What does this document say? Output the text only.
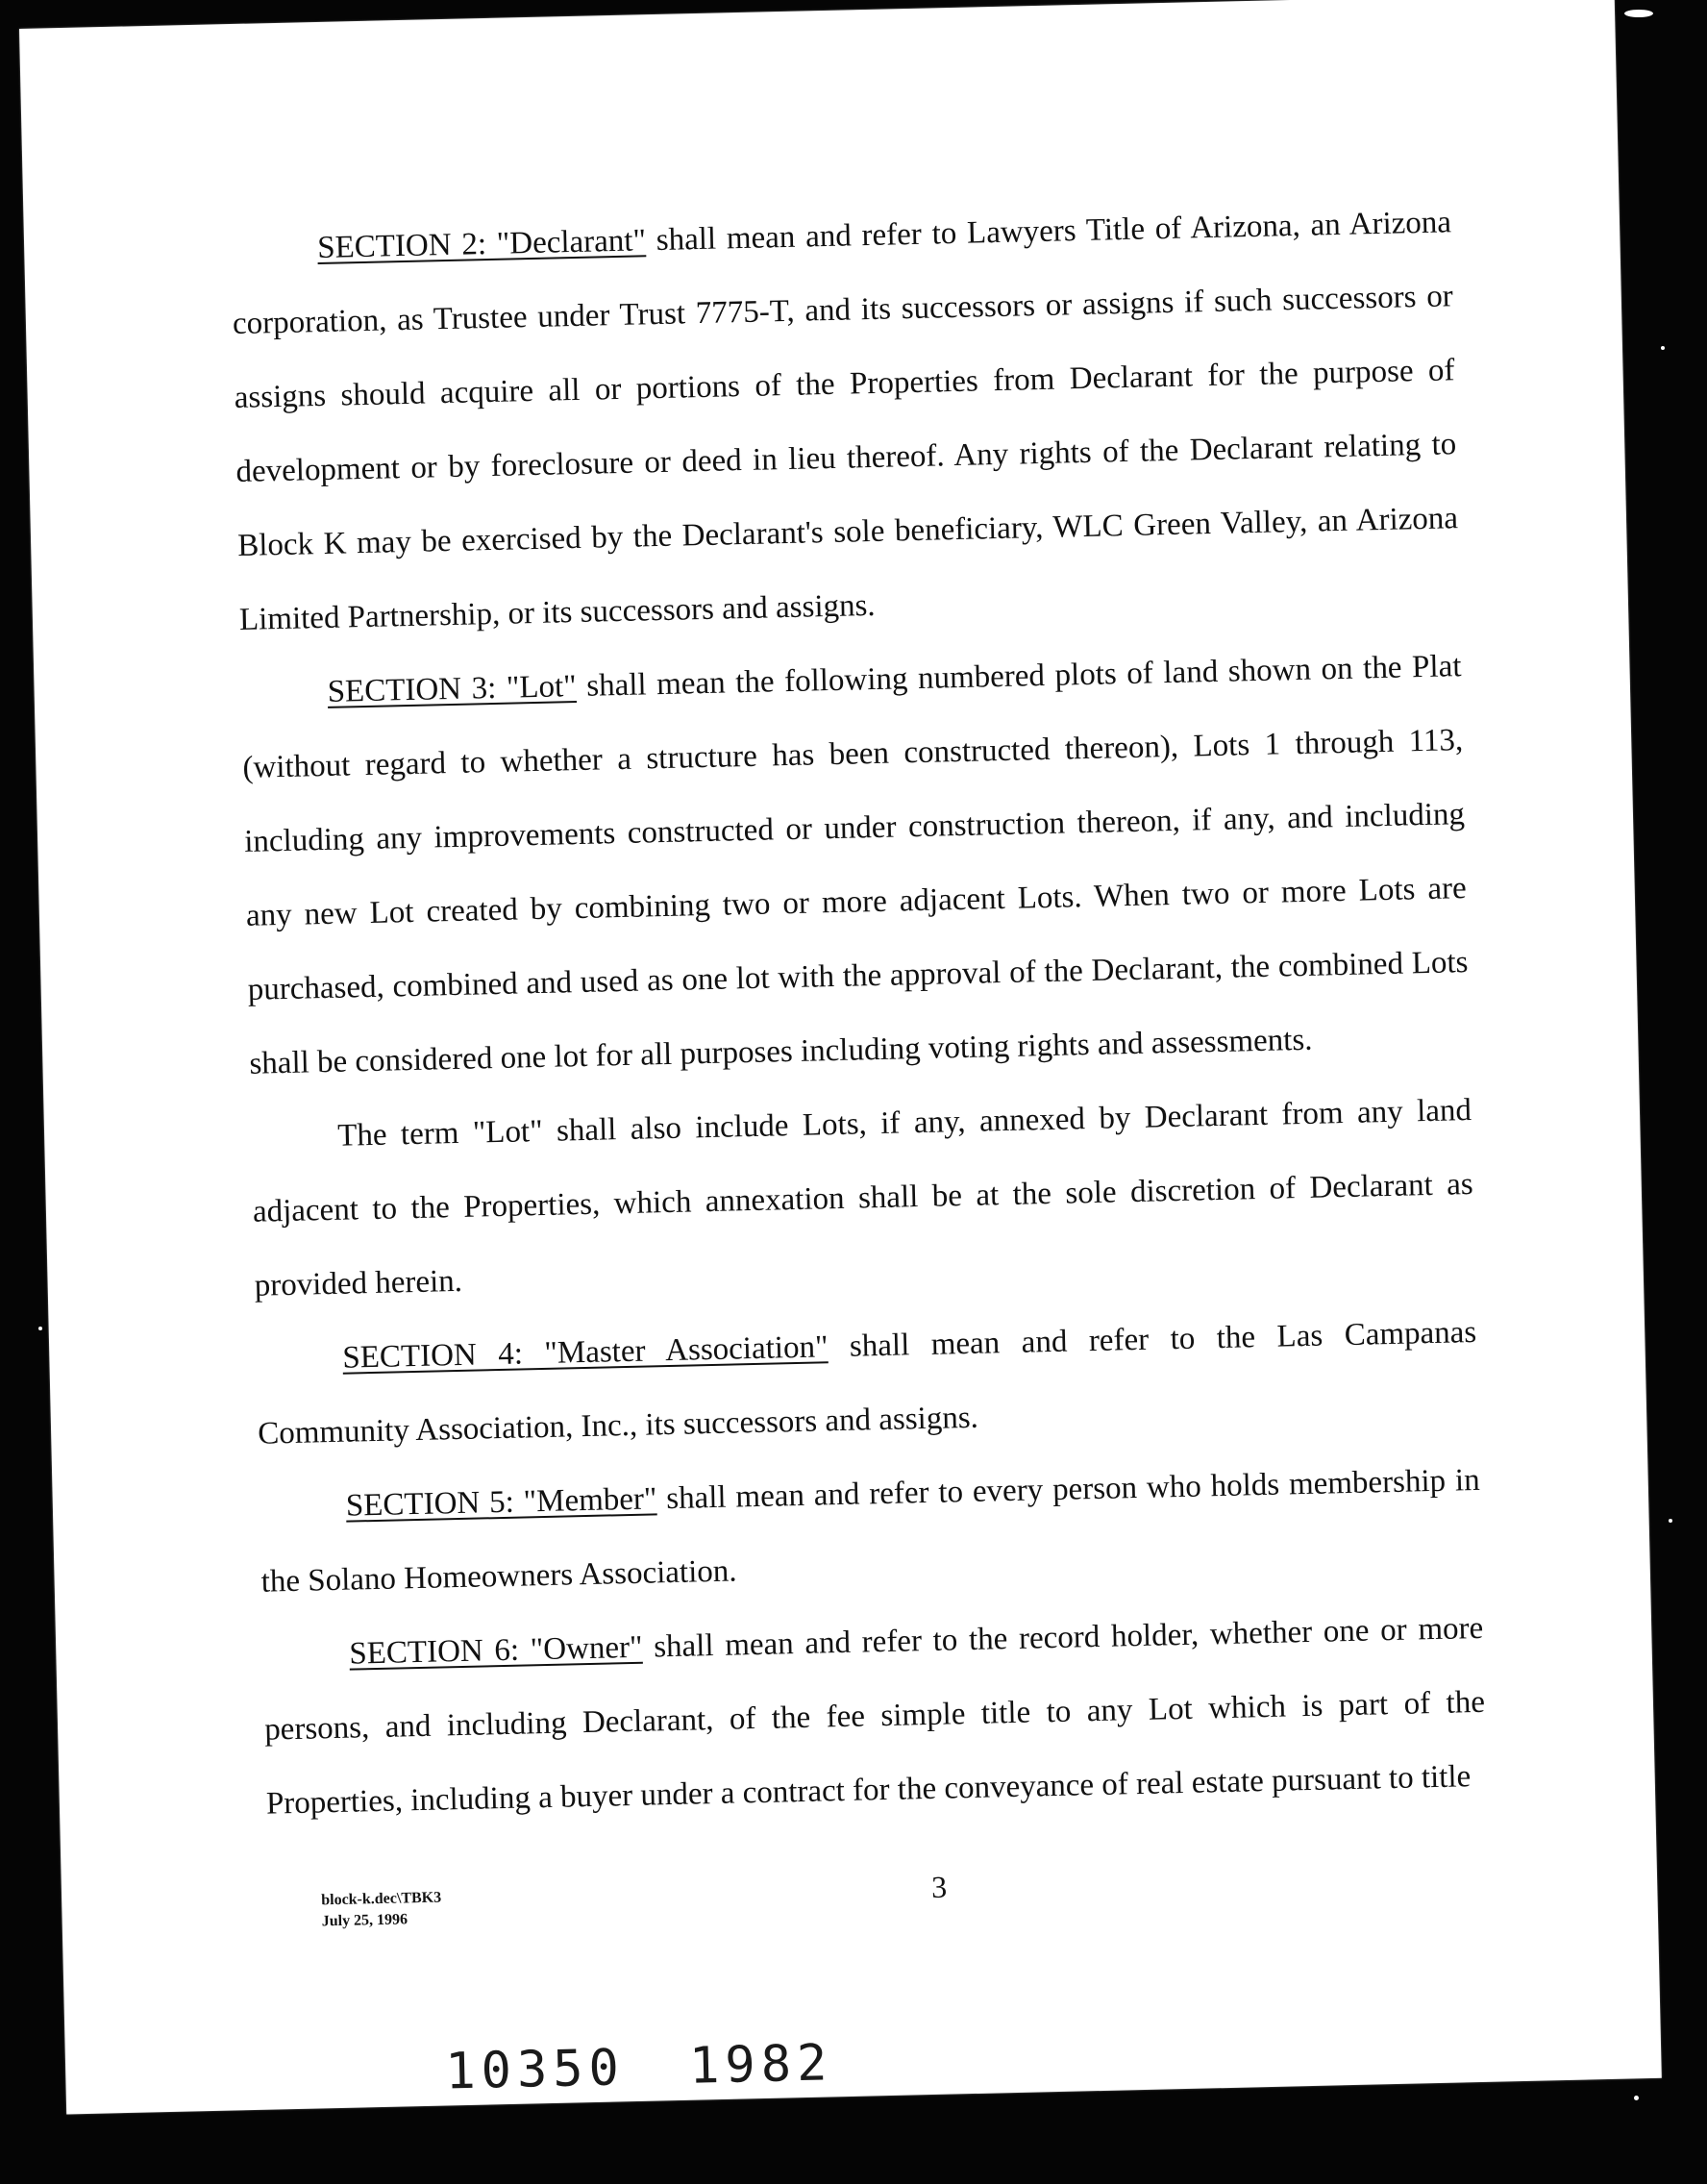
SECTION 2: "Declarant" shall mean and refer to Lawyers Title of Arizona, an Arizona corporation, as Trustee under Trust 7775-T, and its successors or assigns if such successors or assigns should acquire all or portions of the Properties from Declarant for the purpose of development or by foreclosure or deed in lieu thereof. Any rights of the Declarant relating to Block K may be exercised by the Declarant's sole beneficiary, WLC Green Valley, an Arizona Limited Partnership, or its successors and assigns.

SECTION 3: "Lot" shall mean the following numbered plots of land shown on the Plat (without regard to whether a structure has been constructed thereon), Lots 1 through 113, including any improvements constructed or under construction thereon, if any, and including any new Lot created by combining two or more adjacent Lots. When two or more Lots are purchased, combined and used as one lot with the approval of the Declarant, the combined Lots shall be considered one lot for all purposes including voting rights and assessments.

The term "Lot" shall also include Lots, if any, annexed by Declarant from any land adjacent to the Properties, which annexation shall be at the sole discretion of Declarant as provided herein.

SECTION 4: "Master Association" shall mean and refer to the Las Campanas Community Association, Inc., its successors and assigns.

SECTION 5: "Member" shall mean and refer to every person who holds membership in the Solano Homeowners Association.

SECTION 6: "Owner" shall mean and refer to the record holder, whether one or more persons, and including Declarant, of the fee simple title to any Lot which is part of the Properties, including a buyer under a contract for the conveyance of real estate pursuant to title

block-k.dec\TBK3
July 25, 1996
3
10350 1982
